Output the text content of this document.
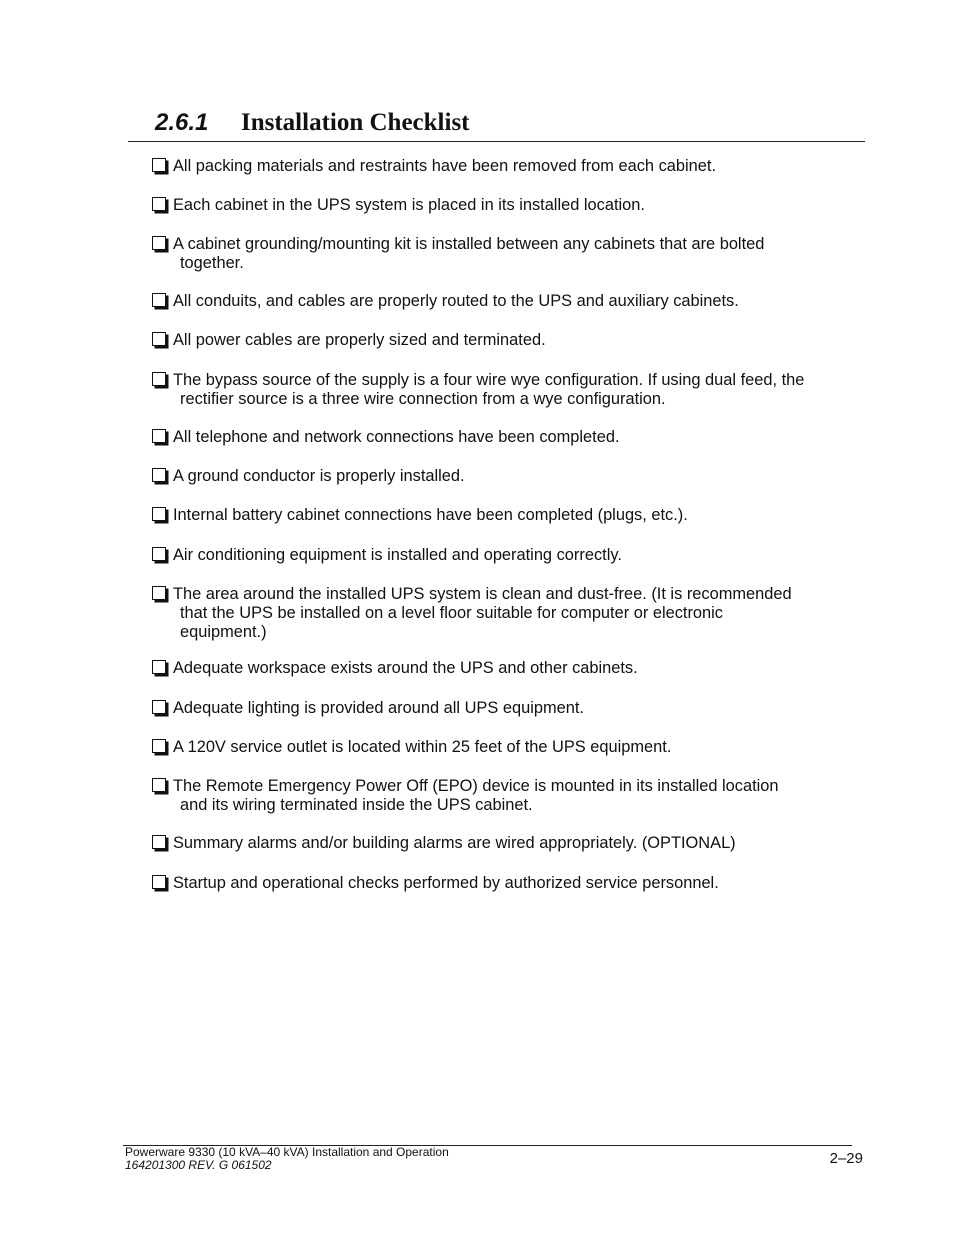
2.6.1 Installation Checklist
All packing materials and restraints have been removed from each cabinet.
Each cabinet in the UPS system is placed in its installed location.
A cabinet grounding/mounting kit is installed between any cabinets that are bolted
together.
All conduits, and cables are properly routed to the UPS and auxiliary cabinets.
All power cables are properly sized and terminated.
The bypass source of the supply is a four wire wye configuration. If using dual feed, the
rectifier source is a three wire connection from a wye configuration.
All telephone and network connections have been completed.
A ground conductor is properly installed.
Internal battery cabinet connections have been completed (plugs, etc.).
Air conditioning equipment is installed and operating correctly.
The area around the installed UPS system is clean and dust-free. (It is recommended
that the UPS be installed on a level floor suitable for computer or electronic
equipment.)
Adequate workspace exists around the UPS and other cabinets.
Adequate lighting is provided around all UPS equipment.
A 120V service outlet is located within 25 feet of the UPS equipment.
The Remote Emergency Power Off (EPO) device is mounted in its installed location
and its wiring terminated inside the UPS cabinet.
Summary alarms and/or building alarms are wired appropriately. (OPTIONAL)
Startup and operational checks performed by authorized service personnel.
Powerware 9330 (10 kVA–40 kVA) Installation and Operation
164201300 REV. G 061502	2–29
